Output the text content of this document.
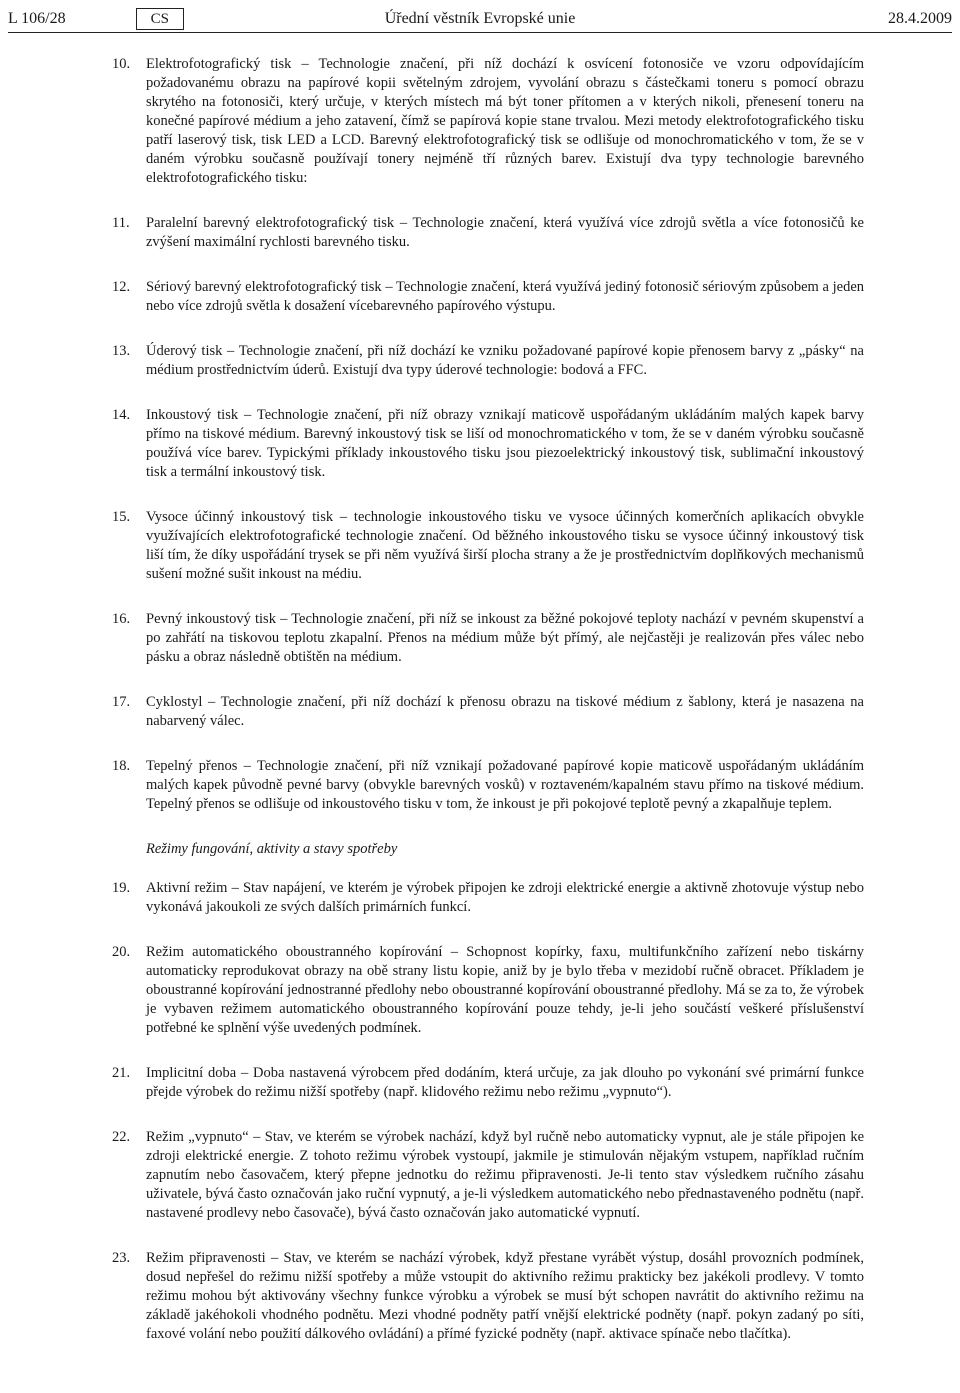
L 106/28	CS	Úřední věstník Evropské unie	28.4.2009
10. Elektrofotografický tisk – Technologie značení, při níž dochází k osvícení fotonosiče ve vzoru odpovídajícím požadovanému obrazu na papírové kopii světelným zdrojem, vyvolání obrazu s částečkami toneru s pomocí obrazu skrytého na fotonosiči, který určuje, v kterých místech má být toner přítomen a v kterých nikoli, přenesení toneru na konečné papírové médium a jeho zatavení, čímž se papírová kopie stane trvalou. Mezi metody elektrofotografického tisku patří laserový tisk, tisk LED a LCD. Barevný elektrofotografický tisk se odlišuje od monochromatického v tom, že se v daném výrobku současně používají tonery nejméně tří různých barev. Existují dva typy technologie barevného elektrofotografického tisku:
11. Paralelní barevný elektrofotografický tisk – Technologie značení, která využívá více zdrojů světla a více fotonosičů ke zvýšení maximální rychlosti barevného tisku.
12. Sériový barevný elektrofotografický tisk – Technologie značení, která využívá jediný fotonosič sériovým způsobem a jeden nebo více zdrojů světla k dosažení vícebarevného papírového výstupu.
13. Úderový tisk – Technologie značení, při níž dochází ke vzniku požadované papírové kopie přenosem barvy z „pásky“ na médium prostřednictvím úderů. Existují dva typy úderové technologie: bodová a FFC.
14. Inkoustový tisk – Technologie značení, při níž obrazy vznikají maticově uspořádaným ukládáním malých kapek barvy přímo na tiskové médium. Barevný inkoustový tisk se liší od monochromatického v tom, že se v daném výrobku současně používá více barev. Typickými příklady inkoustového tisku jsou piezoelektrický inkoustový tisk, sublimační inkoustový tisk a termální inkoustový tisk.
15. Vysoce účinný inkoustový tisk – technologie inkoustového tisku ve vysoce účinných komerčních aplikacích obvykle využívajících elektrofotografické technologie značení. Od běžného inkoustového tisku se vysoce účinný inkoustový tisk liší tím, že díky uspořádání trysek se při něm využívá širší plocha strany a že je prostřednictvím doplňkových mechanismů sušení možné sušit inkoust na médiu.
16. Pevný inkoustový tisk – Technologie značení, při níž se inkoust za běžné pokojové teploty nachází v pevném skupenství a po zahřátí na tiskovou teplotu zkapalní. Přenos na médium může být přímý, ale nejčastěji je realizován přes válec nebo pásku a obraz následně obtištěn na médium.
17. Cyklostyl – Technologie značení, při níž dochází k přenosu obrazu na tiskové médium z šablony, která je nasazena na nabarvený válec.
18. Tepelný přenos – Technologie značení, při níž vznikají požadované papírové kopie maticově uspořádaným ukládáním malých kapek původně pevné barvy (obvykle barevných vosků) v roztaveném/kapalném stavu přímo na tiskové médium. Tepelný přenos se odlišuje od inkoustového tisku v tom, že inkoust je při pokojové teplotě pevný a zkapalňuje teplem.
Režimy fungování, aktivity a stavy spotřeby
19. Aktivní režim – Stav napájení, ve kterém je výrobek připojen ke zdroji elektrické energie a aktivně zhotovuje výstup nebo vykonává jakoukoli ze svých dalších primárních funkcí.
20. Režim automatického oboustranného kopírování – Schopnost kopírky, faxu, multifunkčního zařízení nebo tiskárny automaticky reprodukovat obrazy na obě strany listu kopie, aniž by je bylo třeba v mezidobí ručně obracet. Příkladem je oboustranné kopírování jednostranné předlohy nebo oboustranné kopírování oboustranné předlohy. Má se za to, že výrobek je vybaven režimem automatického oboustranného kopírování pouze tehdy, je-li jeho součástí veškeré příslušenství potřebné ke splnění výše uvedených podmínek.
21. Implicitní doba – Doba nastavená výrobcem před dodáním, která určuje, za jak dlouho po vykonání své primární funkce přejde výrobek do režimu nižší spotřeby (např. klidového režimu nebo režimu „vypnuto“).
22. Režim „vypnuto“ – Stav, ve kterém se výrobek nachází, když byl ručně nebo automaticky vypnut, ale je stále připojen ke zdroji elektrické energie. Z tohoto režimu výrobek vystoupí, jakmile je stimulován nějakým vstupem, například ručním zapnutím nebo časovačem, který přepne jednotku do režimu připravenosti. Je-li tento stav výsledkem ručního zásahu uživatele, bývá často označován jako ruční vypnutý, a je-li výsledkem automatického nebo přednastaveného podnětu (např. nastavené prodlevy nebo časovače), bývá často označován jako automatické vypnutí.
23. Režim připravenosti – Stav, ve kterém se nachází výrobek, když přestane vyrábět výstup, dosáhl provozních podmínek, dosud nepřešel do režimu nižší spotřeby a může vstoupit do aktivního režimu prakticky bez jakékoli prodlevy. V tomto režimu mohou být aktivovány všechny funkce výrobku a výrobek se musí být schopen navrátit do aktivního režimu na základě jakéhokoli vhodného podnětu. Mezi vhodné podněty patří vnější elektrické podněty (např. pokyn zadaný po síti, faxové volání nebo použití dálkového ovládání) a přímé fyzické podněty (např. aktivace spínače nebo tlačítka).
